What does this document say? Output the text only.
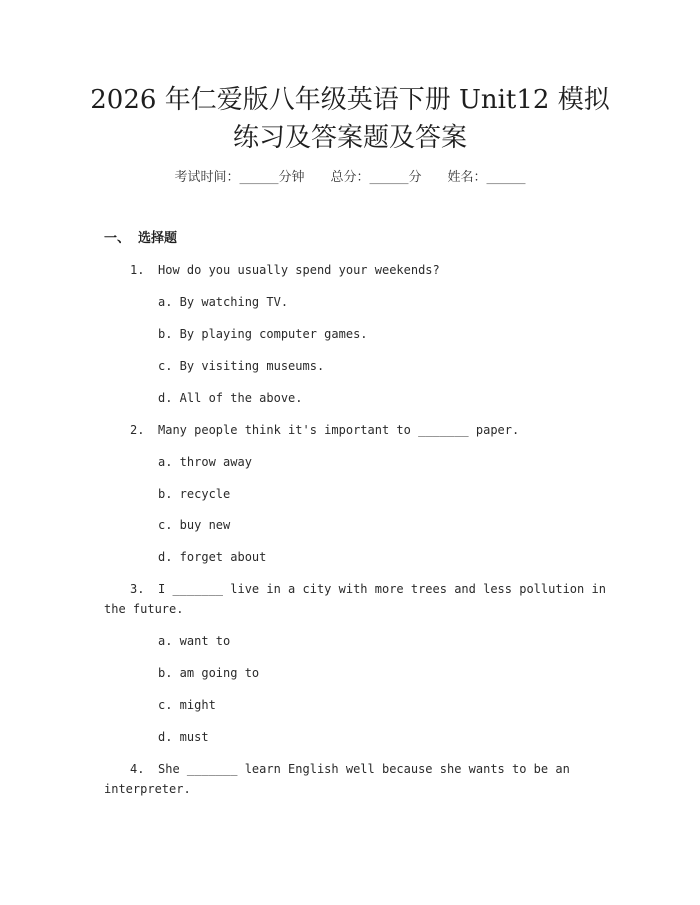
2026 年仁爱版八年级英语下册 Unit12 模拟
练习及答案题及答案
考试时间：______分钟 总分：______分 姓名：______
一、 选择题
1. How do you usually spend your weekends?
a. By watching TV.
b. By playing computer games.
c. By visiting museums.
d. All of the above.
2. Many people think it's important to _______ paper.
a. throw away
b. recycle
c. buy new
d. forget about
3. I _______ live in a city with more trees and less pollution in
the future.
a. want to
b. am going to
c. might
d. must
4. She _______ learn English well because she wants to be an
interpreter.
